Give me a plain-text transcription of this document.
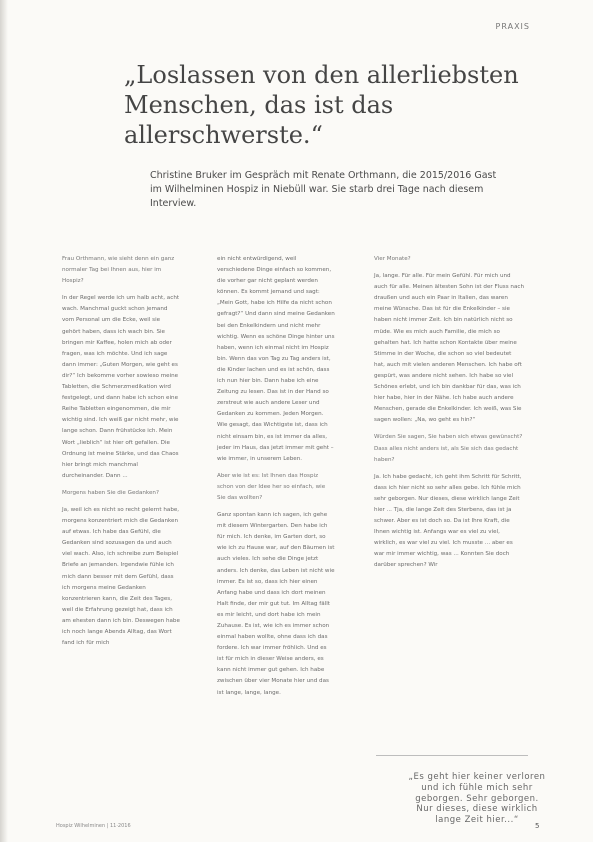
PRAXIS
„Loslassen von den allerliebsten Menschen, das ist das allerschwerste.“
Christine Bruker im Gespräch mit Renate Orthmann, die 2015/2016 Gast im Wilhelminen Hospiz in Niebüll war. Sie starb drei Tage nach diesem Interview.

Frau Orthmann, wie sieht denn ein ganz normaler Tag bei Ihnen aus, hier im Hospiz?

In der Regel werde ich um halb acht, acht wach. Manchmal guckt schon jemand vom Personal um die Ecke, weil sie gehört haben, dass ich wach bin. Sie bringen mir Kaffee, holen mich ab oder fragen, was ich möchte. Und ich sage dann immer: „Guten Morgen, wie geht es dir?“ Ich bekomme vorher sowieso meine Tabletten, die Schmerzmedikation wird festgelegt, und dann habe ich schon eine Reihe Tabletten eingenommen, die mir wichtig sind. Ich weiß gar nicht mehr, wie lange schon. Dann frühstücke ich. Mein Wort „lieblich“ ist hier oft gefallen. Die Ordnung ist meine Stärke, und das Chaos hier bringt mich manchmal durcheinander. Dann ...

Morgens haben Sie die Gedanken?

Ja, weil ich es nicht so recht gelernt habe, morgens konzentriert mich die Gedanken auf etwas. Ich habe das Gefühl, die Gedanken sind sozusagen da und auch viel wach. Also, ich schreibe zum Beispiel Briefe an jemanden. Irgendwie fühle ich mich dann besser mit dem Gefühl, dass ich morgens meine Gedanken konzentrieren kann, die Zeit des Tages, weil die Erfahrung gezeigt hat, dass ich am ehesten dann ich bin. Deswegen habe ich noch lange Abends Alltag, das Wort fand ich für mich

ein nicht entwürdigend, weil verschiedene Dinge einfach so kommen, die vorher gar nicht geplant werden können. Es kommt jemand und sagt: „Mein Gott, habe ich Hilfe da nicht schon gefragt?“ Und dann sind meine Gedanken bei den Enkelkindern und nicht mehr wichtig. Wenn es schöne Dinge hinter uns haben, wenn ich einmal nicht im Hospiz bin. Wenn das von Tag zu Tag anders ist, die Kinder lachen und es ist schön, dass ich nun hier bin. Dann habe ich eine Zeitung zu lesen. Das ist in der Hand so zerstreut wie auch andere Leser und Gedanken zu kommen. Jeden Morgen. Wie gesagt, das Wichtigste ist, dass ich nicht einsam bin, es ist immer da alles, jeder im Haus, das jetzt immer mit geht – wie immer, in unserem Leben.

Aber wie ist es: Ist Ihnen das Hospiz schon von der Idee her so einfach, wie Sie das wollten?

Ganz spontan kann ich sagen, ich gehe mit diesem Wintergarten. Den habe ich für mich. Ich denke, im Garten dort, so wie ich zu Hause war, auf den Bäumen ist auch vieles. Ich sehe die Dinge jetzt anders. Ich denke, das Leben ist nicht wie immer. Es ist so, dass ich hier einen Anfang habe und dass ich dort meinen Halt finde, der mir gut tut. Im Alltag fällt es mir leicht, und dort habe ich mein Zuhause. Es ist, wie ich es immer schon einmal haben wollte, ohne dass ich das fordere. Ich war immer fröhlich. Und es ist für mich in dieser Weise anders, es kann nicht immer gut gehen. Ich habe zwischen über vier Monate hier und das ist lange, lange, lange.

Vier Monate?

Ja, lange. Für alle. Für mein Gefühl. Für mich und auch für alle. Meinen ältesten Sohn ist der Fluss nach draußen und auch ein Paar in Italien, das waren meine Wünsche. Das ist für die Enkelkinder – sie haben nicht immer Zeit. Ich bin natürlich nicht so müde. Wie es mich auch Familie, die mich so gehalten hat. Ich hatte schon Kontakte über meine Stimme in der Woche, die schon so viel bedeutet hat, auch mit vielen anderen Menschen. Ich habe oft gespürt, was andere nicht sehen. Ich habe so viel Schönes erlebt, und ich bin dankbar für das, was ich hier habe, hier in der Nähe. Ich habe auch andere Menschen, gerade die Enkelkinder. Ich weiß, was Sie sagen wollen: „Na, wo geht es hin?“

Würden Sie sagen, Sie haben sich etwas gewünscht? Dass alles nicht anders ist, als Sie sich das gedacht haben?

Ja. Ich habe gedacht, ich geht ihm Schritt für Schritt, dass ich hier nicht so sehr alles gebe. Ich fühle mich sehr geborgen. Nur dieses, diese wirklich lange Zeit hier ... Tja, die lange Zeit des Sterbens, das ist ja schwer. Aber es ist doch so. Da ist Ihre Kraft, die Ihnen wichtig ist. Anfangs war es viel zu viel, wirklich, es war viel zu viel. Ich musste ... aber es war mir immer wichtig, was ... Konnten Sie doch darüber sprechen? Wir

„Es geht hier keiner verloren und ich fühle mich sehr geborgen. Sehr geborgen. Nur dieses, diese wirklich lange Zeit hier...“
Hospiz Wilhelminen | 11·2016	5
